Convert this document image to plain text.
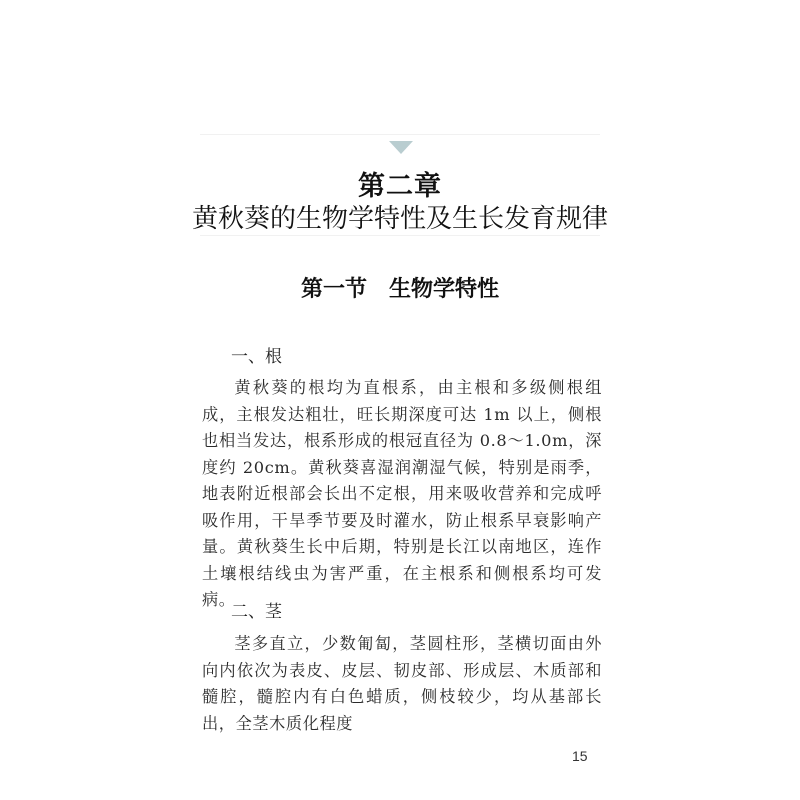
第二章
黄秋葵的生物学特性及生长发育规律
第一节 生物学特性
一、根

黄秋葵的根均为直根系，由主根和多级侧根组成，主根发达粗壮，旺长期深度可达 1m 以上，侧根也相当发达，根系形成的根冠直径为 0.8～1.0m，深度约 20cm。黄秋葵喜湿润潮湿气候，特别是雨季，地表附近根部会长出不定根，用来吸收营养和完成呼吸作用，干旱季节要及时灌水，防止根系早衰影响产量。黄秋葵生长中后期，特别是长江以南地区，连作土壤根结线虫为害严重，在主根系和侧根系均可发病。

二、茎

茎多直立，少数匍匐，茎圆柱形，茎横切面由外向内依次为表皮、皮层、韧皮部、形成层、木质部和髓腔，髓腔内有白色蜡质，侧枝较少，均从基部长出，全茎木质化程度

15
